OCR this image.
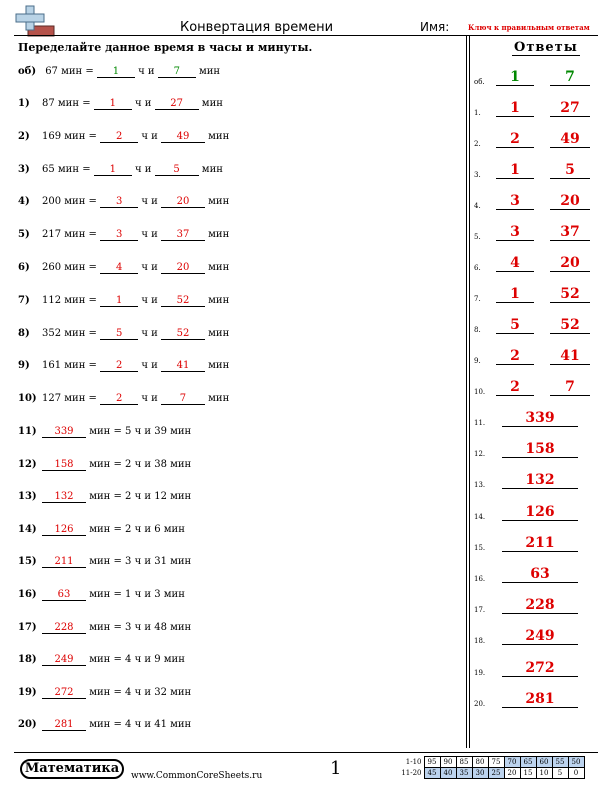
Конвертация времени	Имя:	Ключ к правильным ответам
Переделайте данное время в часы и минуты.
об) 67 мин = 1 ч и 7 мин
1) 87 мин = 1 ч и 27 мин
2) 169 мин = 2 ч и 49 мин
3) 65 мин = 1 ч и 5 мин
4) 200 мин = 3 ч и 20 мин
5) 217 мин = 3 ч и 37 мин
6) 260 мин = 4 ч и 20 мин
7) 112 мин = 1 ч и 52 мин
8) 352 мин = 5 ч и 52 мин
9) 161 мин = 2 ч и 41 мин
10) 127 мин = 2 ч и 7 мин
11) 339 мин = 5 ч и 39 мин
12) 158 мин = 2 ч и 38 мин
13) 132 мин = 2 ч и 12 мин
14) 126 мин = 2 ч и 6 мин
15) 211 мин = 3 ч и 31 мин
16) 63 мин = 1 ч и 3 мин
17) 228 мин = 3 ч и 48 мин
18) 249 мин = 4 ч и 9 мин
19) 272 мин = 4 ч и 32 мин
20) 281 мин = 4 ч и 41 мин
Ответы
об.	1	7
1.	1	27
2.	2	49
3.	1	5
4.	3	20
5.	3	37
6.	4	20
7.	1	52
8.	5	52
9.	2	41
10.	2	7
11.	339
12.	158
13.	132
14.	126
15.	211
16.	63
17.	228
18.	249
19.	272
20.	281
Математика	www.CommonCoreSheets.ru	1	1-10	95	90	85	80	75	70	65	60	55	50
11-20	45	40	35	30	25	20	15	10	5	0
